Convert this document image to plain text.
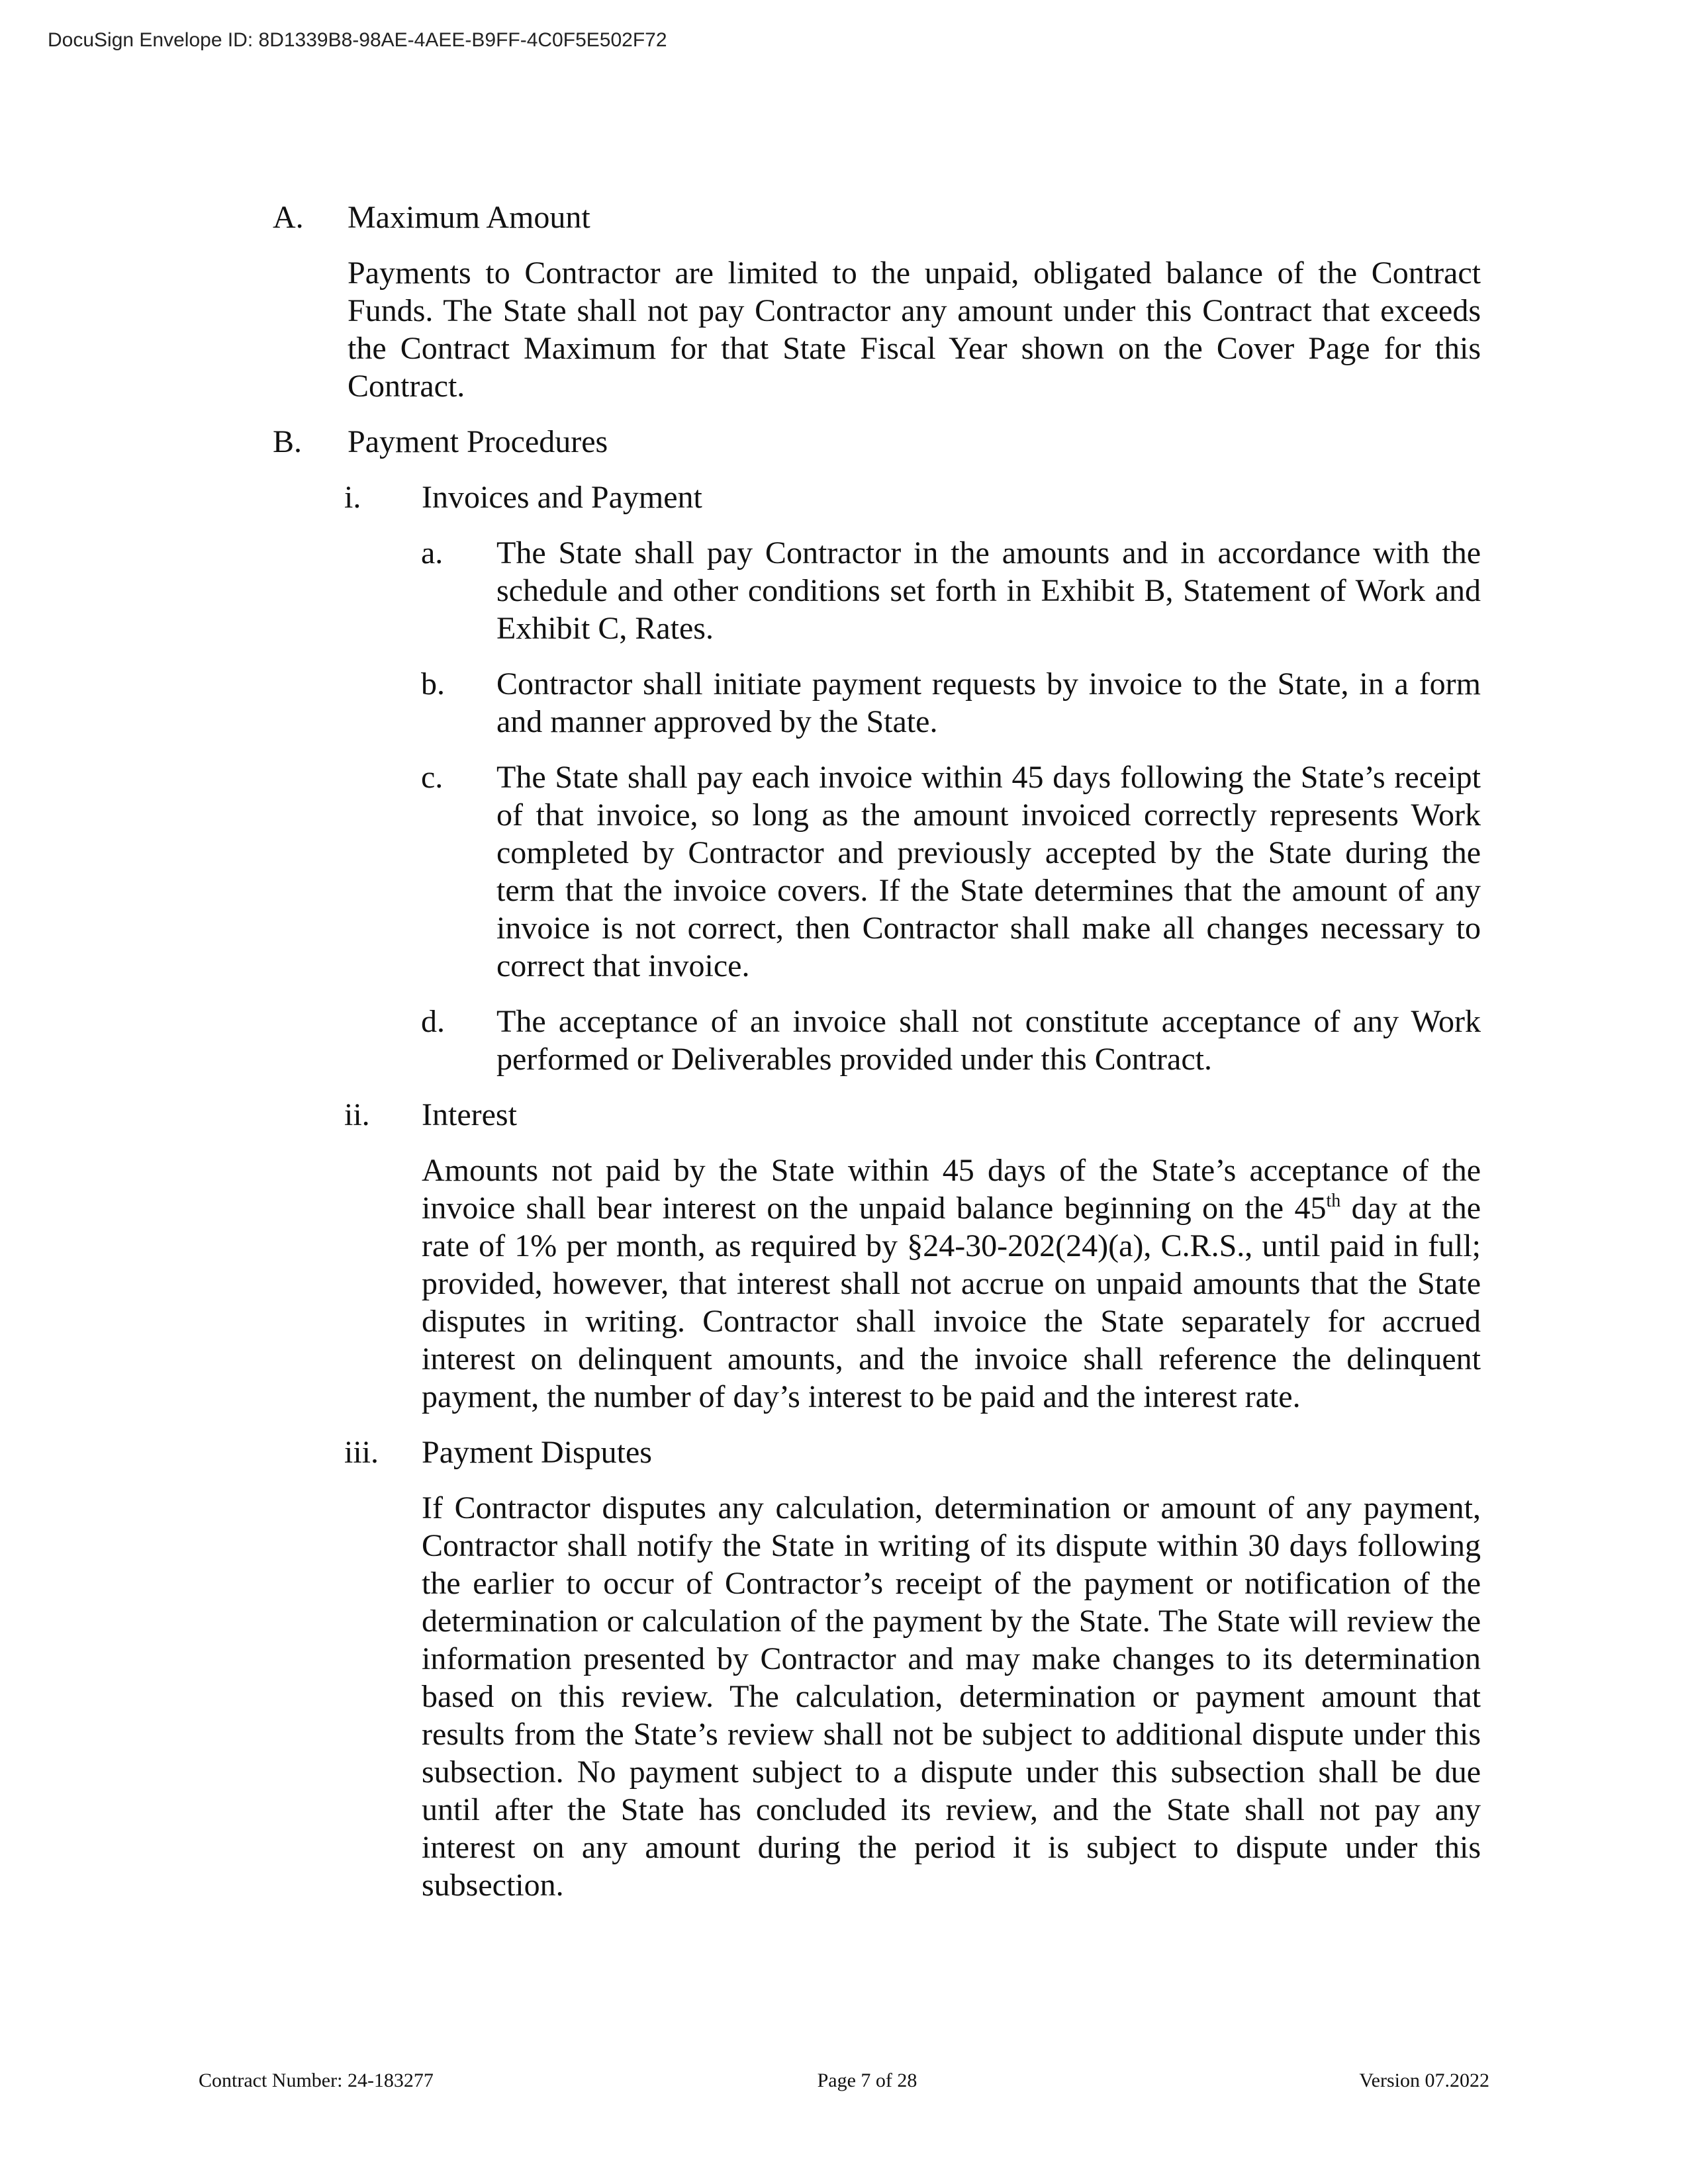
DocuSign Envelope ID: 8D1339B8-98AE-4AEE-B9FF-4C0F5E502F72
A. Maximum Amount
Payments to Contractor are limited to the unpaid, obligated balance of the Contract Funds. The State shall not pay Contractor any amount under this Contract that exceeds the Contract Maximum for that State Fiscal Year shown on the Cover Page for this Contract.
B. Payment Procedures
i. Invoices and Payment
a. The State shall pay Contractor in the amounts and in accordance with the schedule and other conditions set forth in Exhibit B, Statement of Work and Exhibit C, Rates.
b. Contractor shall initiate payment requests by invoice to the State, in a form and manner approved by the State.
c. The State shall pay each invoice within 45 days following the State’s receipt of that invoice, so long as the amount invoiced correctly represents Work completed by Contractor and previously accepted by the State during the term that the invoice covers. If the State determines that the amount of any invoice is not correct, then Contractor shall make all changes necessary to correct that invoice.
d. The acceptance of an invoice shall not constitute acceptance of any Work performed or Deliverables provided under this Contract.
ii. Interest
Amounts not paid by the State within 45 days of the State’s acceptance of the invoice shall bear interest on the unpaid balance beginning on the 45th day at the rate of 1% per month, as required by §24-30-202(24)(a), C.R.S., until paid in full; provided, however, that interest shall not accrue on unpaid amounts that the State disputes in writing. Contractor shall invoice the State separately for accrued interest on delinquent amounts, and the invoice shall reference the delinquent payment, the number of day’s interest to be paid and the interest rate.
iii. Payment Disputes
If Contractor disputes any calculation, determination or amount of any payment, Contractor shall notify the State in writing of its dispute within 30 days following the earlier to occur of Contractor’s receipt of the payment or notification of the determination or calculation of the payment by the State. The State will review the information presented by Contractor and may make changes to its determination based on this review. The calculation, determination or payment amount that results from the State’s review shall not be subject to additional dispute under this subsection. No payment subject to a dispute under this subsection shall be due until after the State has concluded its review, and the State shall not pay any interest on any amount during the period it is subject to dispute under this subsection.
Contract Number: 24-183277	Page 7 of 28	Version 07.2022
